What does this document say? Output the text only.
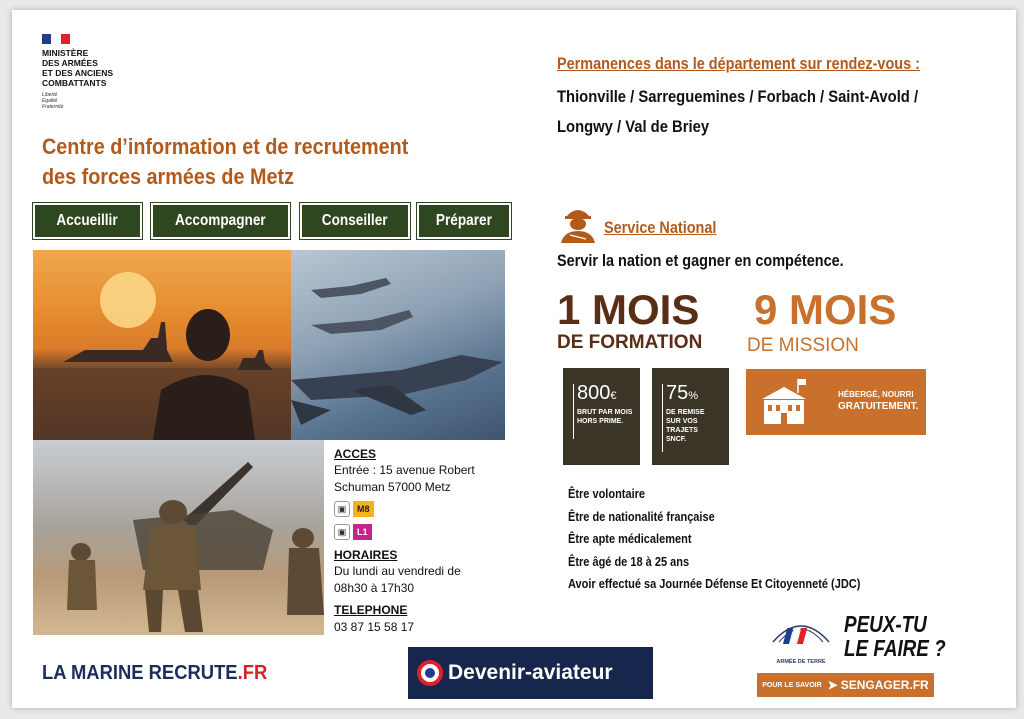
MINISTÈRE
DES ARMÉES
ET DES ANCIENS
COMBATTANTS
Liberté
Égalité
Fraternité
Centre d’information et de recrutement
des forces armées de Metz
Accueillir	Accompagner	Conseiller	Préparer
ACCES
Entrée : 15 avenue Robert
Schuman 57000 Metz
▣	M8
▣	L1
HORAIRES
Du lundi au vendredi de
08h30 à 17h30
TELEPHONE
03 87 15 58 17
Permanences dans le département sur rendez-vous :
Thionville / Sarreguemines / Forbach / Saint-Avold /
Longwy / Val de Briey
Service National
Servir la nation et gagner en compétence.
1 MOIS
DE FORMATION
9 MOIS
DE MISSION
800€
BRUT PAR MOIS
HORS PRIME.
75%
DE REMISE
SUR VOS
TRAJETS
SNCF.
HÉBERGÉ, NOURRI
GRATUITEMENT.
Être volontaire
Être de nationalité française
Être apte médicalement
Être âgé de 18 à 25 ans
Avoir effectué sa Journée Défense Et Citoyenneté (JDC)
LA MARINE RECRUTE.FR	Devenir-aviateur	ARMÉE DE TERRE
PEUX-TU
LE FAIRE ?
POUR LE SAVOIR ➤ SENGAGER.FR
